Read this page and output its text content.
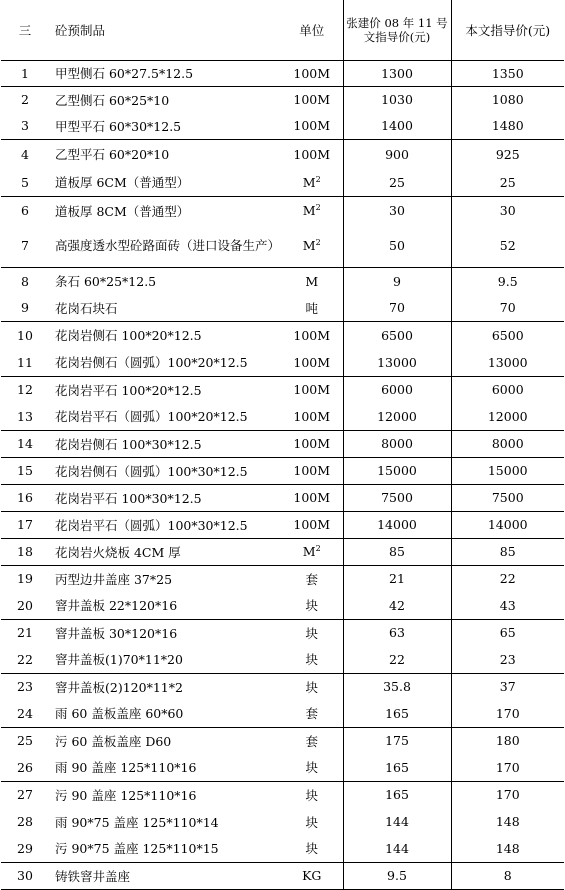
三	砼预制品	单位	张建价 08 年 11 号文指导价(元)	本文指导价(元)
1	甲型侧石 60*27.5*12.5	100M	1300	1350
2	乙型侧石 60*25*10	100M	1030	1080
3	甲型平石 60*30*12.5	100M	1400	1480
4	乙型平石 60*20*10	100M	900	925
5	道板厚 6CM（普通型）	$M^2$	25	25
6	道板厚 8CM（普通型）	$M^2$	30	30
7	高强度透水型砼路面砖（进口设备生产）	$M^2$	50	52
8	条石 60*25*12.5	M	9	9.5
9	花岗石块石	吨	70	70
10	花岗岩侧石 100*20*12.5	100M	6500	6500
11	花岗岩侧石（圆弧）100*20*12.5	100M	13000	13000
12	花岗岩平石 100*20*12.5	100M	6000	6000
13	花岗岩平石（圆弧）100*20*12.5	100M	12000	12000
14	花岗岩侧石 100*30*12.5	100M	8000	8000
15	花岗岩侧石（圆弧）100*30*12.5	100M	15000	15000
16	花岗岩平石 100*30*12.5	100M	7500	7500
17	花岗岩平石（圆弧）100*30*12.5	100M	14000	14000
18	花岗岩火烧板 4CM 厚	$M^2$	85	85
19	丙型边井盖座 37*25	套	21	22
20	窨井盖板 22*120*16	块	42	43
21	窨井盖板 30*120*16	块	63	65
22	窨井盖板(1)70*11*20	块	22	23
23	窨井盖板(2)120*11*2	块	35.8	37
24	雨 60 盖板盖座 60*60	套	165	170
25	污 60 盖板盖座 D60	套	175	180
26	雨 90 盖座 125*110*16	块	165	170
27	污 90 盖座 125*110*16	块	165	170
28	雨 90*75 盖座 125*110*14	块	144	148
29	污 90*75 盖座 125*110*15	块	144	148
30	铸铁窨井盖座	KG	9.5	8
